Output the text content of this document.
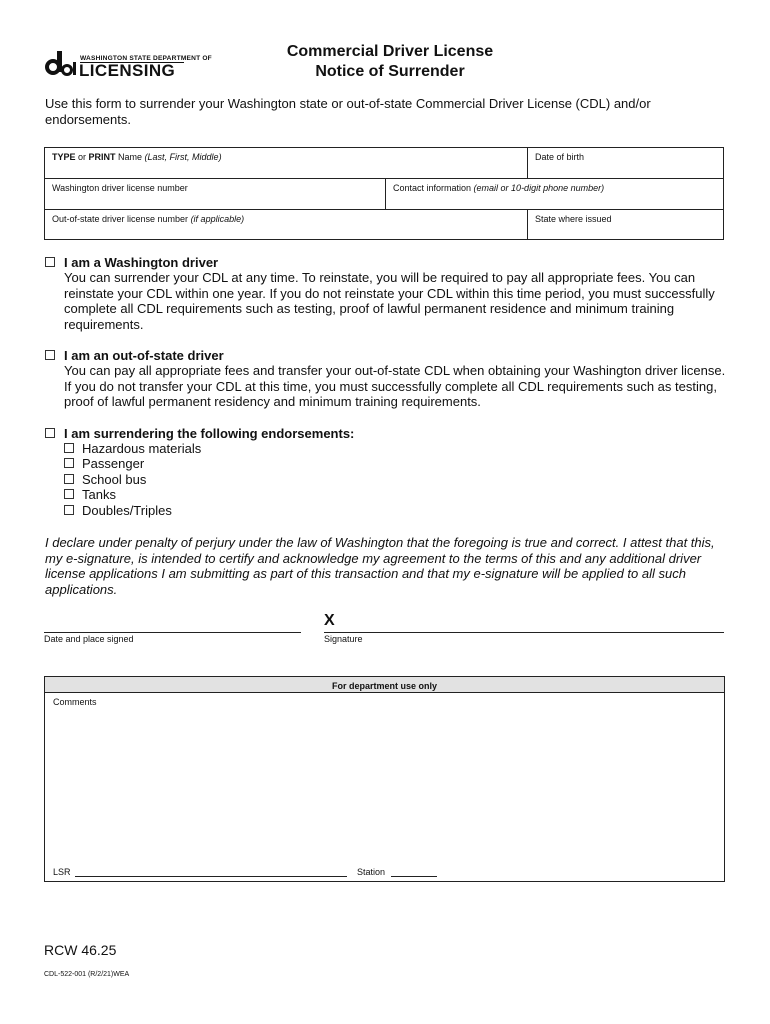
WASHINGTON STATE DEPARTMENT OF
LICENSING
Commercial Driver License
Notice of Surrender
Use this form to surrender your Washington state or out-of-state Commercial Driver License (CDL) and/or endorsements.
TYPE or PRINT Name (Last, First, Middle)	Date of birth
Washington driver license number	Contact information (email or 10-digit phone number)
Out-of-state driver license number (if applicable)	State where issued
I am a Washington driver
You can surrender your CDL at any time. To reinstate, you will be required to pay all appropriate fees. You can reinstate your CDL within one year. If you do not reinstate your CDL within this time period, you must successfully complete all CDL requirements such as testing, proof of lawful permanent residence and minimum training requirements.
I am an out-of-state driver
You can pay all appropriate fees and transfer your out-of-state CDL when obtaining your Washington driver license. If you do not transfer your CDL at this time, you must successfully complete all CDL requirements such as testing, proof of lawful permanent residency and minimum training requirements.
I am surrendering the following endorsements:
Hazardous materials
Passenger
School bus
Tanks
Doubles/Triples
I declare under penalty of perjury under the law of Washington that the foregoing is true and correct. I attest that this, my e-signature, is intended to certify and acknowledge my agreement to the terms of this and any additional driver license applications I am submitting as part of this transaction and that my e-signature will be applied to all such applications.
Date and place signed
X
Signature
For department use only
Comments
LSR	Station
RCW 46.25
CDL-522-001 (R/2/21)WEA
